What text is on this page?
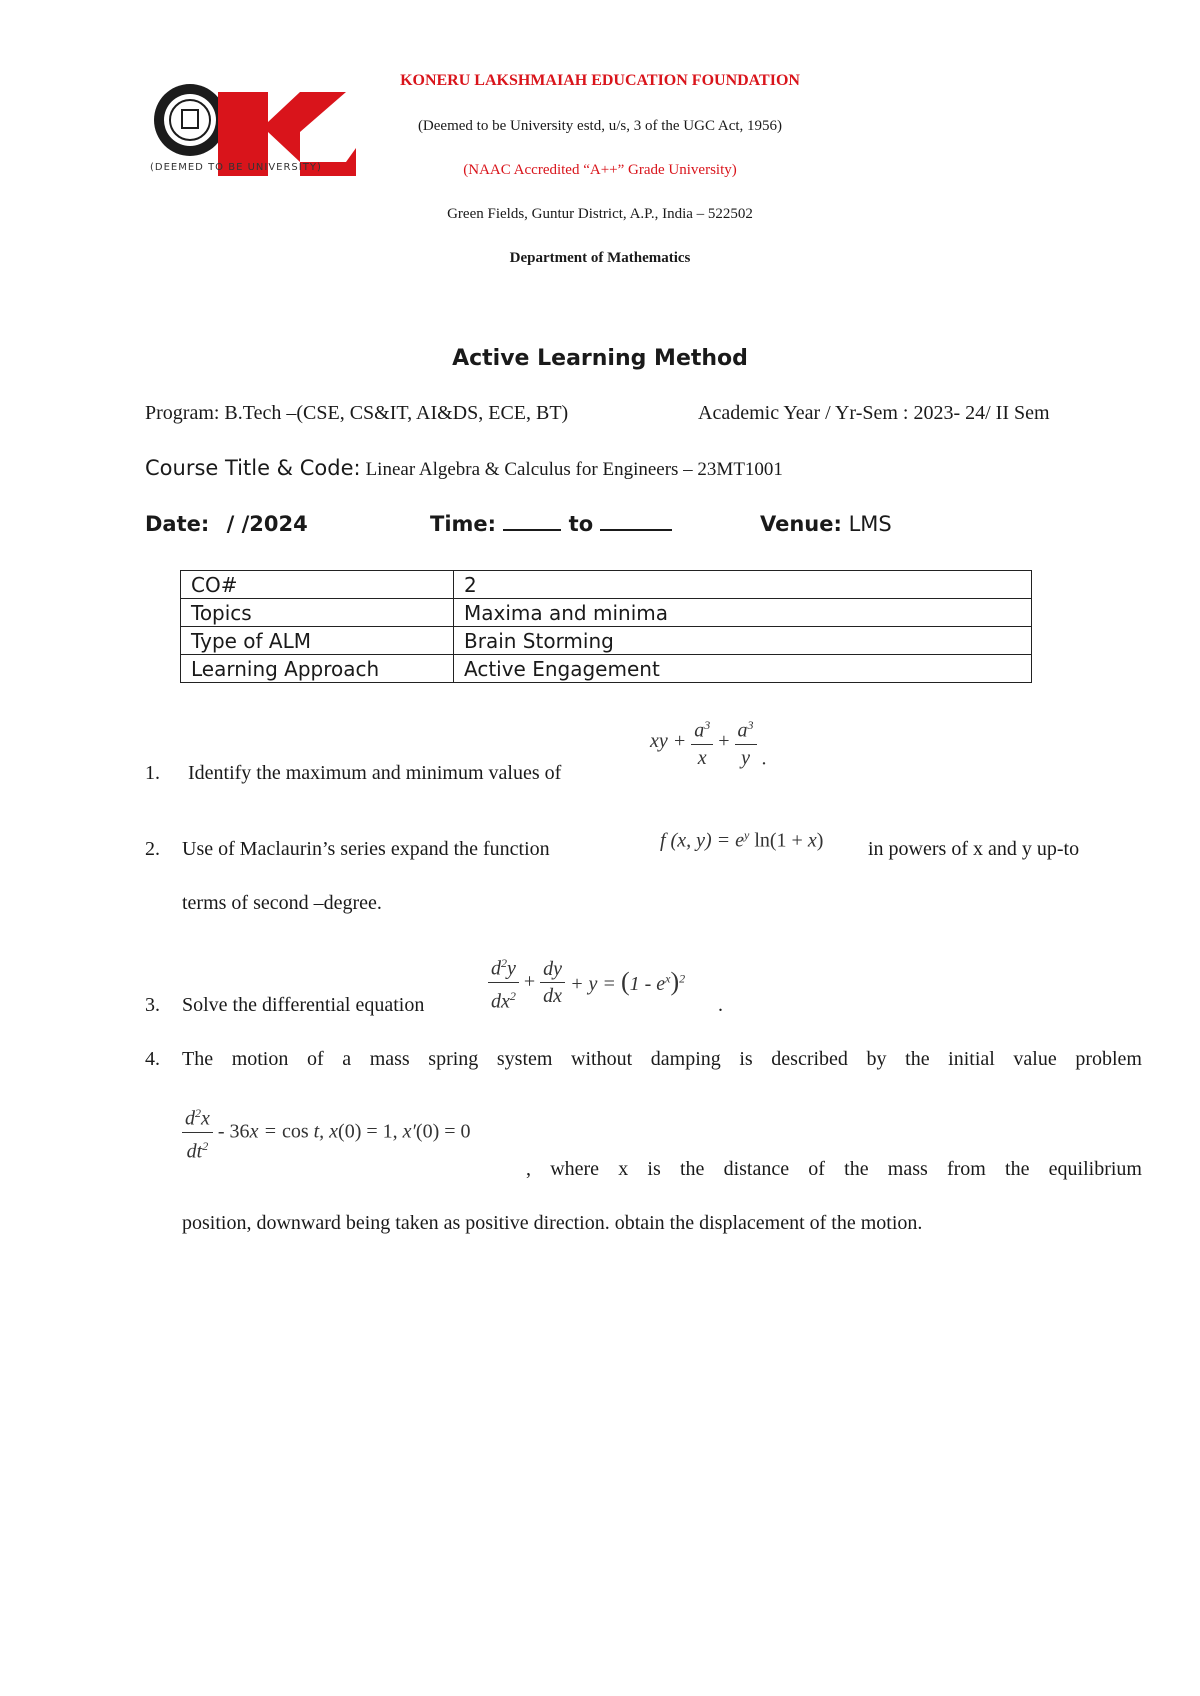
(DEEMED TO BE UNIVERSITY)
KONERU LAKSHMAIAH EDUCATION FOUNDATION
(Deemed to be University estd, u/s, 3 of the UGC Act, 1956)
(NAAC Accredited “A++” Grade University)
Green Fields, Guntur District, A.P., India – 522502
Department of Mathematics
Active Learning Method
Program: B.Tech –(CSE, CS&IT, AI&DS, ECE, BT)	Academic Year / Yr-Sem : 2023- 24/ II Sem
Course Title & Code: Linear Algebra & Calculus for Engineers – 23MT1001
Date: / /2024	Time:	to	Venue: LMS
CO#	2
Topics	Maxima and minima
Type of ALM	Brain Storming
Learning Approach	Active Engagement
1. Identify the maximum and minimum values of
xy + $\frac{a^3}{x} + \frac{a^3}{y}$ .
2. Use of Maclaurin’s series expand the function	f (x, $y) = e^y$ ln(1 + x) in powers of x and y up-to
terms of second –degree.
3. Solve the differential equation	$\frac{d^2y}{dx^2} + \frac{dy}{dx} + y = (1 - e^x)^2$
.
4. The motion of a mass spring system without damping is described by the initial value problem
$\frac{d^2x}{dt^2} - 36x = \cos t$, x(0) = 1, x′(0) = 0
, where x is the distance of the mass from the equilibrium
position, downward being taken as positive direction. obtain the displacement of the motion.
